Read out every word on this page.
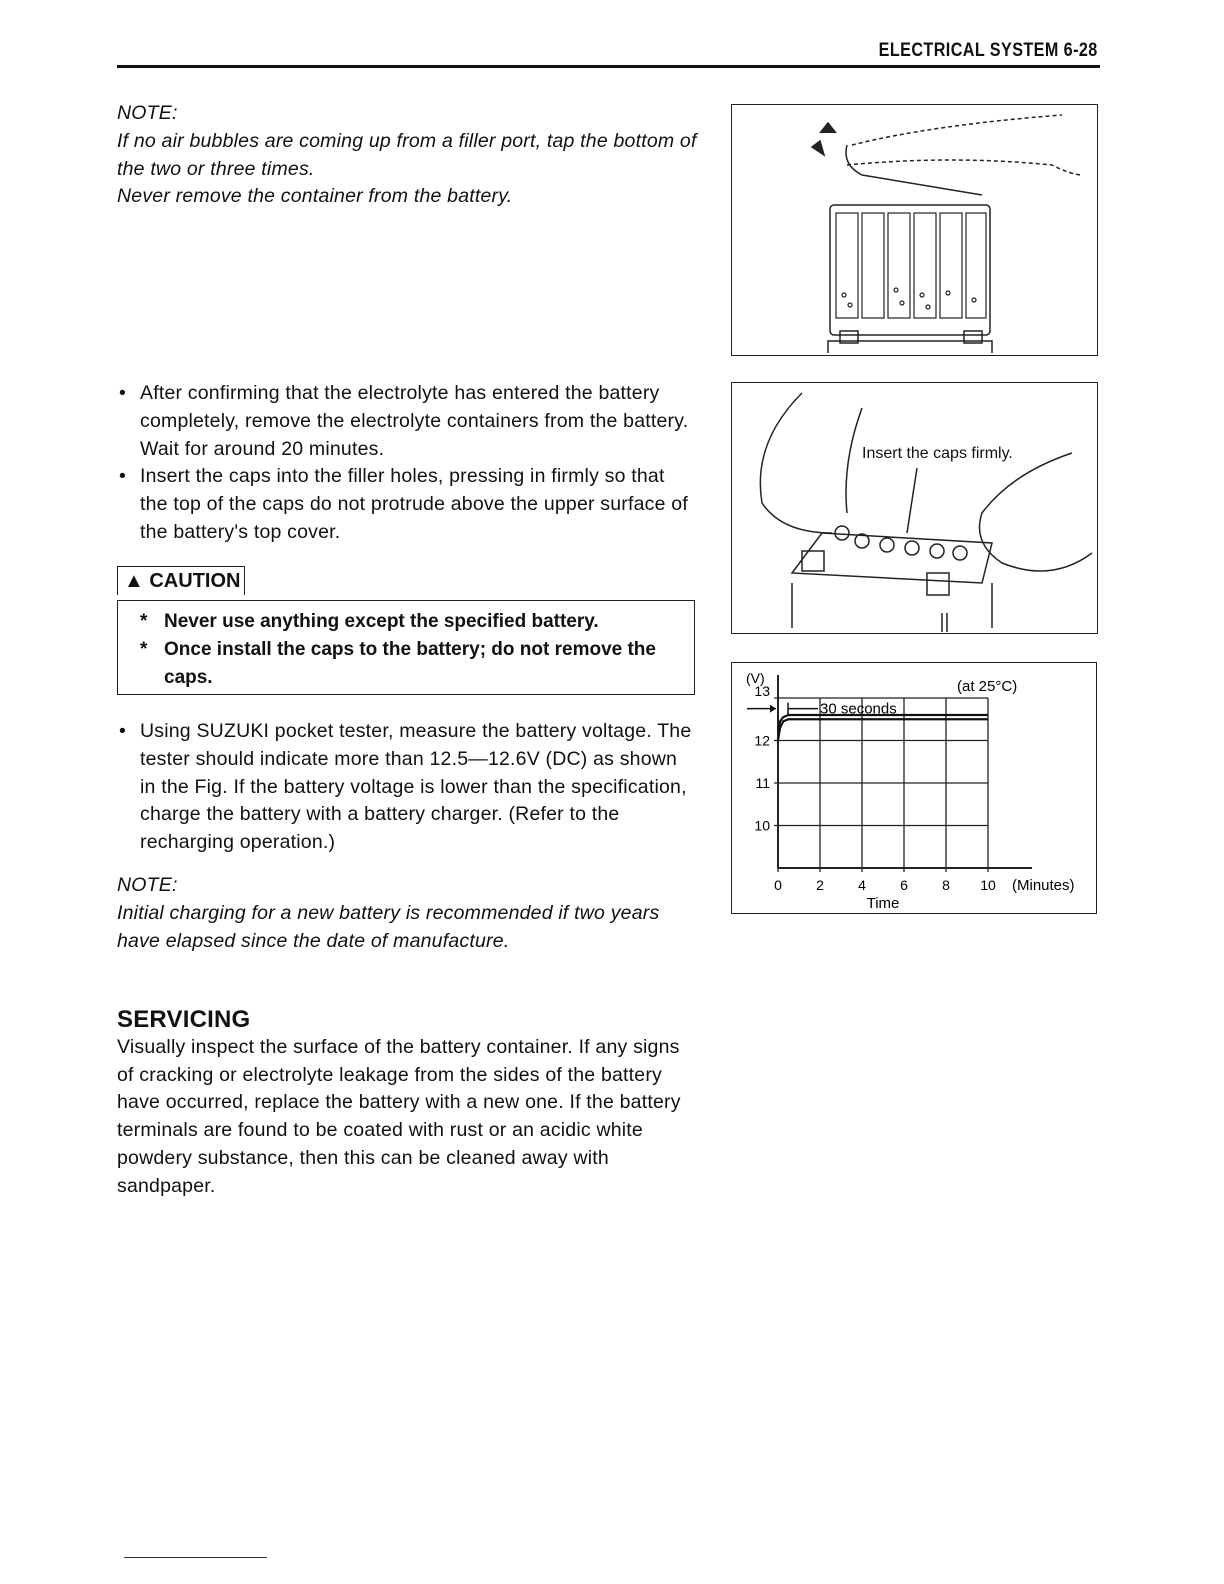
ELECTRICAL SYSTEM 6-28
NOTE:
If no air bubbles are coming up from a filler port, tap the bottom of the two or three times.
Never remove the container from the battery.
• After confirming that the electrolyte has entered the battery completely, remove the electrolyte containers from the battery. Wait for around 20 minutes.
• Insert the caps into the filler holes, pressing in firmly so that the top of the caps do not protrude above the upper surface of the battery's top cover.
▲ CAUTION
* Never use anything except the specified battery.
* Once install the caps to the battery; do not remove the caps.
• Using SUZUKI pocket tester, measure the battery voltage. The tester should indicate more than 12.5—12.6V (DC) as shown in the Fig. If the battery voltage is lower than the specification, charge the battery with a battery charger. (Refer to the recharging operation.)
NOTE:
Initial charging for a new battery is recommended if two years have elapsed since the date of manufacture.
SERVICING
Visually inspect the surface of the battery container. If any signs of cracking or electrolyte leakage from the sides of the battery have occurred, replace the battery with a new one. If the battery terminals are found to be coated with rust or an acidic white powdery substance, then this can be cleaned away with sandpaper.
Insert the caps firmly.
0 2 4 6 8 10
10
11
12
13
(V)	(at 25°C)
30 seconds
(Minutes)
Time
